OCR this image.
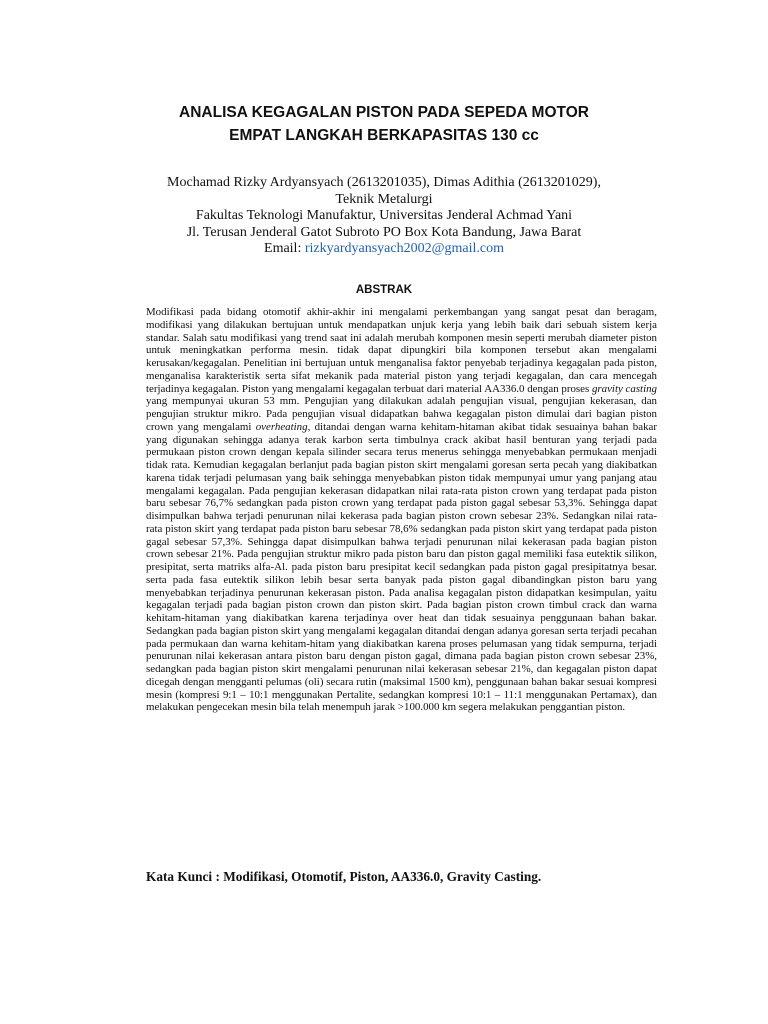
ANALISA KEGAGALAN PISTON PADA SEPEDA MOTOR
EMPAT LANGKAH BERKAPASITAS 130 cc
Mochamad Rizky Ardyansyach (2613201035), Dimas Adithia (2613201029),
Teknik Metalurgi
Fakultas Teknologi Manufaktur, Universitas Jenderal Achmad Yani
Jl. Terusan Jenderal Gatot Subroto PO Box Kota Bandung, Jawa Barat
Email: rizkyardyansyach2002@gmail.com
ABSTRAK
Modifikasi pada bidang otomotif akhir-akhir ini mengalami perkembangan yang sangat pesat dan beragam, modifikasi yang dilakukan bertujuan untuk mendapatkan unjuk kerja yang lebih baik dari sebuah sistem kerja standar. Salah satu modifikasi yang trend saat ini adalah merubah komponen mesin seperti merubah diameter piston untuk meningkatkan performa mesin. tidak dapat dipungkiri bila komponen tersebut akan mengalami kerusakan/kegagalan. Penelitian ini bertujuan untuk menganalisa faktor penyebab terjadinya kegagalan pada piston, menganalisa karakteristik serta sifat mekanik pada material piston yang terjadi kegagalan, dan cara mencegah terjadinya kegagalan. Piston yang mengalami kegagalan terbuat dari material AA336.0 dengan proses gravity casting yang mempunyai ukuran 53 mm. Pengujian yang dilakukan adalah pengujian visual, pengujian kekerasan, dan pengujian struktur mikro. Pada pengujian visual didapatkan bahwa kegagalan piston dimulai dari bagian piston crown yang mengalami overheating, ditandai dengan warna kehitam-hitaman akibat tidak sesuainya bahan bakar yang digunakan sehingga adanya terak karbon serta timbulnya crack akibat hasil benturan yang terjadi pada permukaan piston crown dengan kepala silinder secara terus menerus sehingga menyebabkan permukaan menjadi tidak rata. Kemudian kegagalan berlanjut pada bagian piston skirt mengalami goresan serta pecah yang diakibatkan karena tidak terjadi pelumasan yang baik sehingga menyebabkan piston tidak mempunyai umur yang panjang atau mengalami kegagalan. Pada pengujian kekerasan didapatkan nilai rata-rata piston crown yang terdapat pada piston baru sebesar 76,7% sedangkan pada piston crown yang terdapat pada piston gagal sebesar 53,3%. Sehingga dapat disimpulkan bahwa terjadi penurunan nilai kekerasa pada bagian piston crown sebesar 23%. Sedangkan nilai rata-rata piston skirt yang terdapat pada piston baru sebesar 78,6% sedangkan pada piston skirt yang terdapat pada piston gagal sebesar 57,3%. Sehingga dapat disimpulkan bahwa terjadi penurunan nilai kekerasan pada bagian piston crown sebesar 21%. Pada pengujian struktur mikro pada piston baru dan piston gagal memiliki fasa eutektik silikon, presipitat, serta matriks alfa-Al. pada piston baru presipitat kecil sedangkan pada piston gagal presipitatnya besar. serta pada fasa eutektik silikon lebih besar serta banyak pada piston gagal dibandingkan piston baru yang menyebabkan terjadinya penurunan kekerasan piston. Pada analisa kegagalan piston didapatkan kesimpulan, yaitu kegagalan terjadi pada bagian piston crown dan piston skirt. Pada bagian piston crown timbul crack dan warna kehitam-hitaman yang diakibatkan karena terjadinya over heat dan tidak sesuainya penggunaan bahan bakar. Sedangkan pada bagian piston skirt yang mengalami kegagalan ditandai dengan adanya goresan serta terjadi pecahan pada permukaan dan warna kehitam-hitam yang diakibatkan karena proses pelumasan yang tidak sempurna, terjadi penurunan nilai kekerasan antara piston baru dengan piston gagal, dimana pada bagian piston crown sebesar 23%, sedangkan pada bagian piston skirt mengalami penurunan nilai kekerasan sebesar 21%, dan kegagalan piston dapat dicegah dengan mengganti pelumas (oli) secara rutin (maksimal 1500 km), penggunaan bahan bakar sesuai kompresi mesin (kompresi 9:1 – 10:1 menggunakan Pertalite, sedangkan kompresi 10:1 – 11:1 menggunakan Pertamax), dan melakukan pengecekan mesin bila telah menempuh jarak >100.000 km segera melakukan penggantian piston.
Kata Kunci : Modifikasi, Otomotif, Piston, AA336.0, Gravity Casting.
